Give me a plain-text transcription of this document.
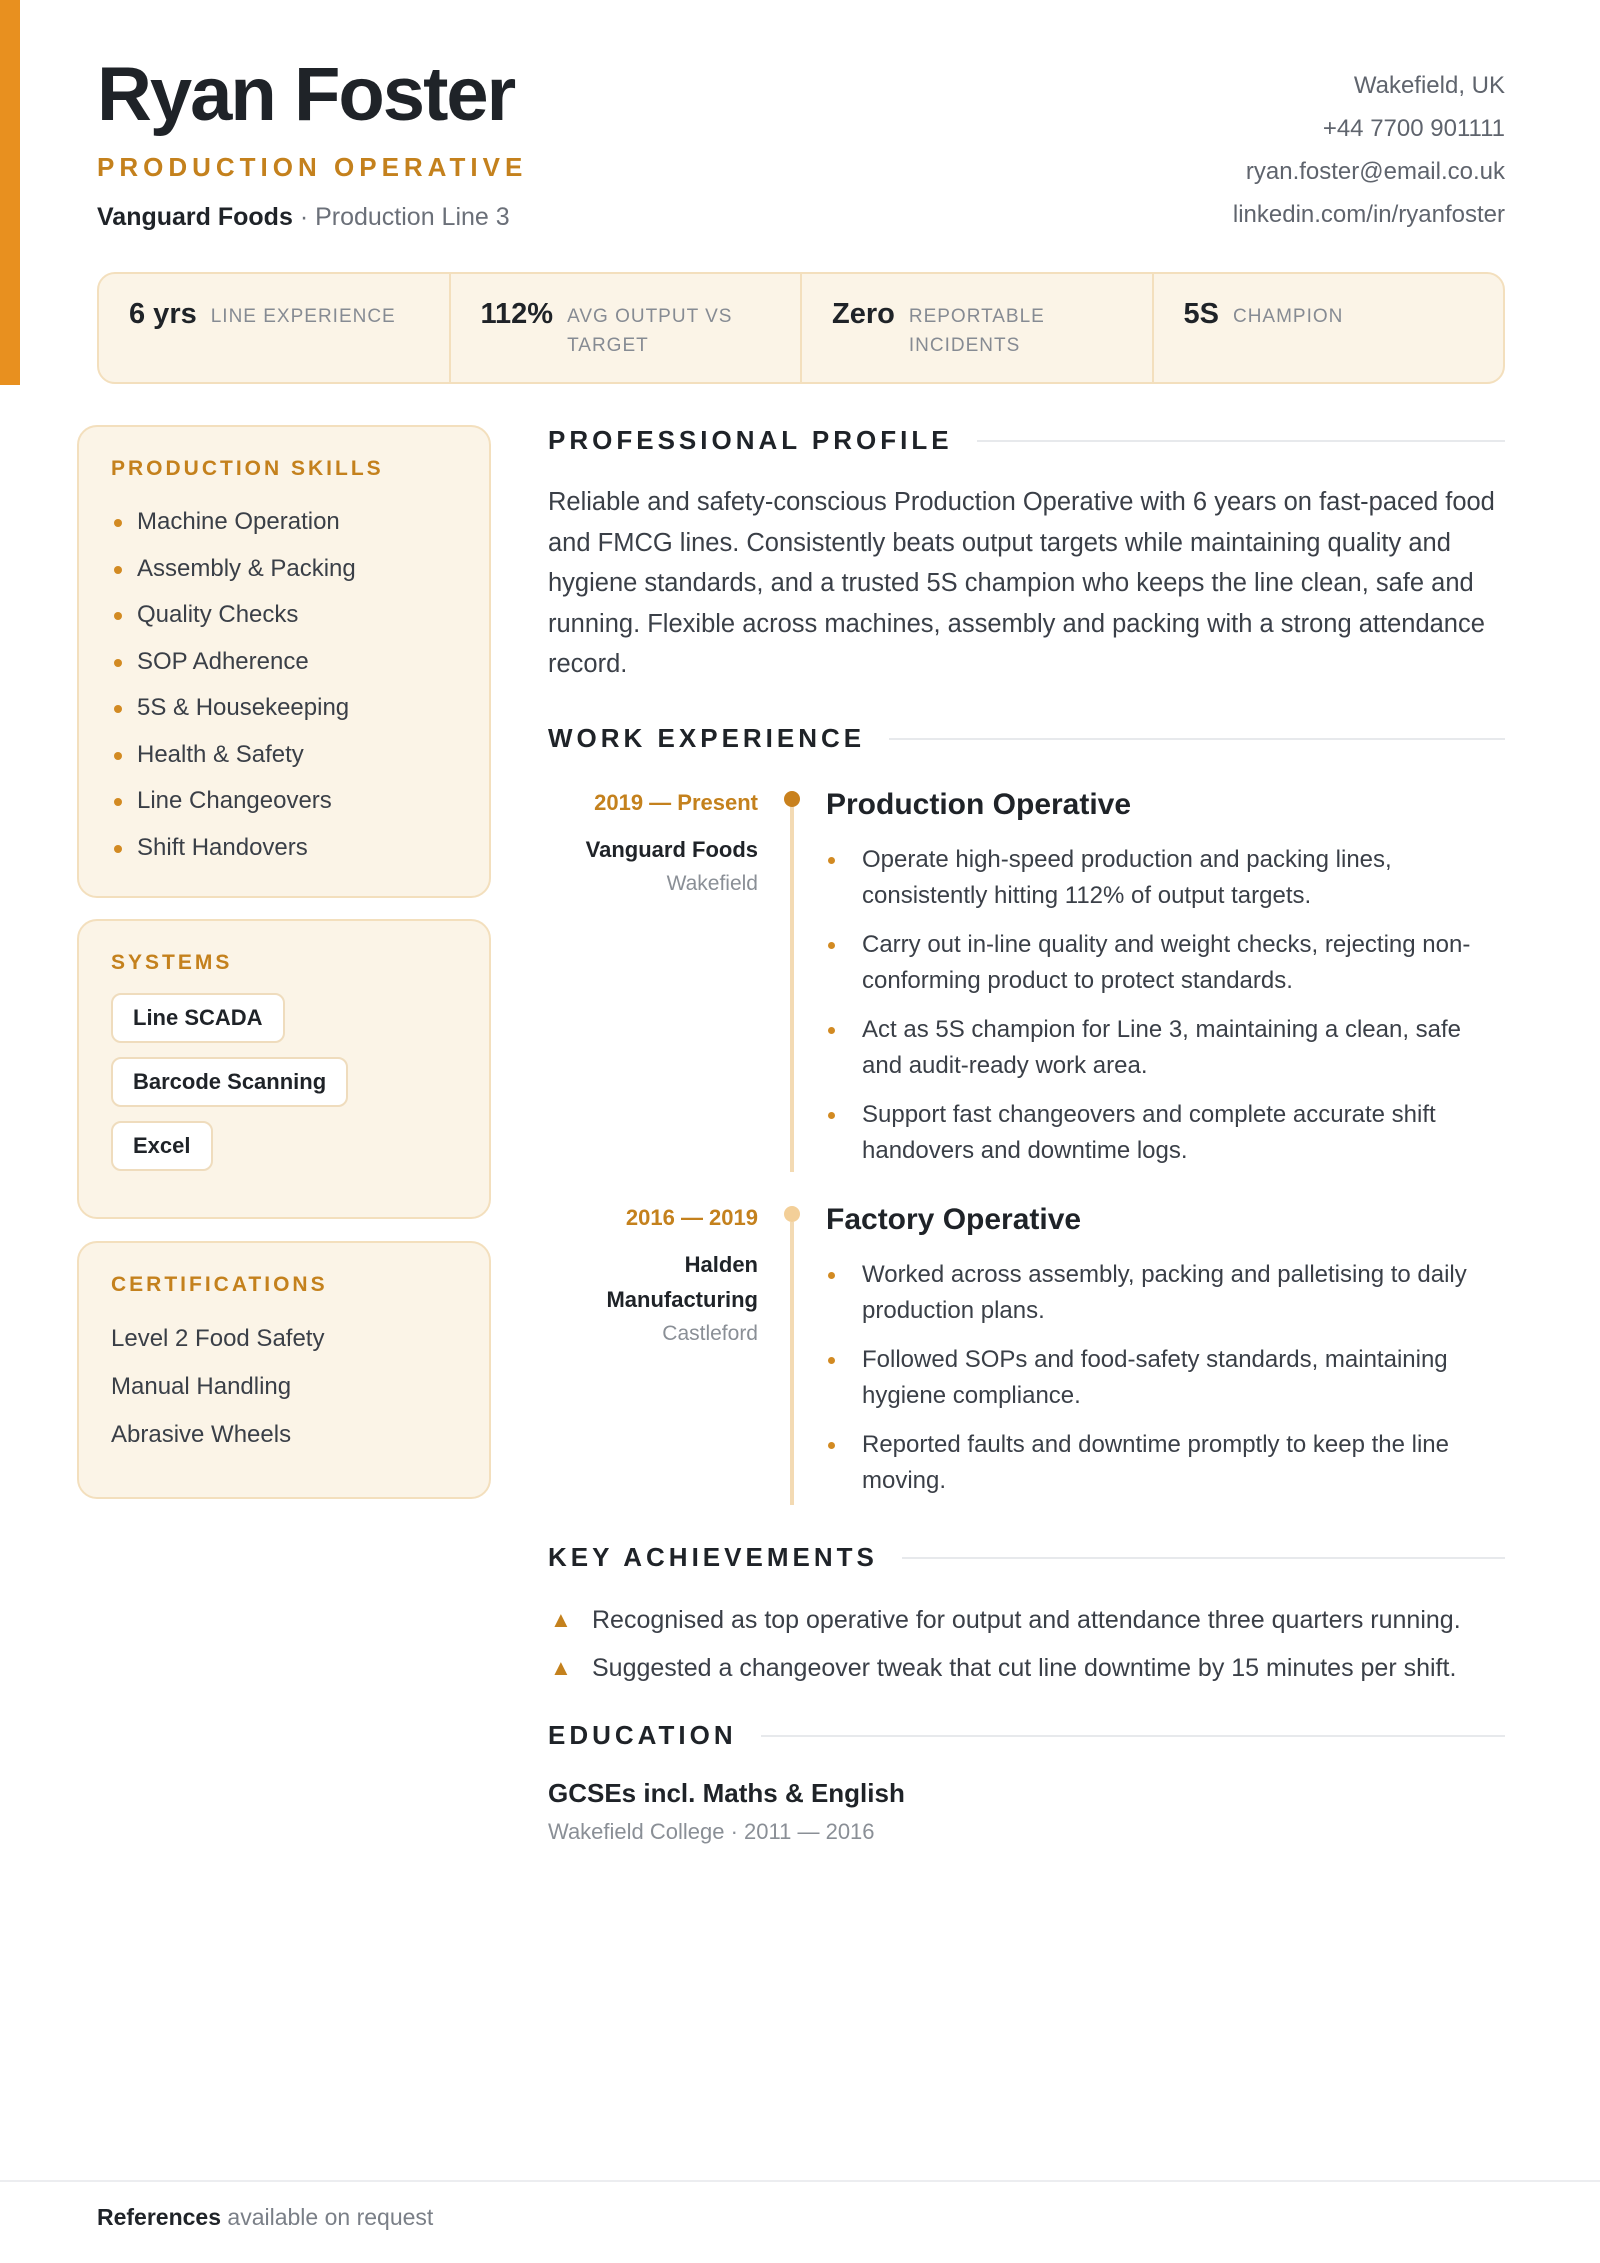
Ryan Foster
PRODUCTION OPERATIVE
Vanguard Foods · Production Line 3
Wakefield, UK
+44 7700 901111
ryan.foster@email.co.uk
linkedin.com/in/ryanfoster
6 yrs LINE EXPERIENCE	112% AVG OUTPUT VS TARGET
Zero REPORTABLE INCIDENTS
5S CHAMPION
PRODUCTION SKILLS
Machine Operation
Assembly & Packing
Quality Checks
SOP Adherence
5S & Housekeeping
Health & Safety
Line Changeovers
Shift Handovers
SYSTEMS
Line SCADA
Barcode Scanning
Excel
CERTIFICATIONS
Level 2 Food Safety
Manual Handling
Abrasive Wheels
PROFESSIONAL PROFILE
Reliable and safety-conscious Production Operative with 6 years on fast-paced food and FMCG lines. Consistently beats output targets while maintaining quality and hygiene standards, and a trusted 5S champion who keeps the line clean, safe and running. Flexible across machines, assembly and packing with a strong attendance record.
WORK EXPERIENCE
2019 — Present
Vanguard Foods
Wakefield
Production Operative
Operate high-speed production and packing lines, consistently hitting 112% of output targets.
Carry out in-line quality and weight checks, rejecting non-conforming product to protect standards.
Act as 5S champion for Line 3, maintaining a clean, safe and audit-ready work area.
Support fast changeovers and complete accurate shift handovers and downtime logs.
2016 — 2019
Halden Manufacturing
Castleford
Factory Operative
Worked across assembly, packing and palletising to daily production plans.
Followed SOPs and food-safety standards, maintaining hygiene compliance.
Reported faults and downtime promptly to keep the line moving.
KEY ACHIEVEMENTS
▲ Recognised as top operative for output and attendance three quarters running.
▲ Suggested a changeover tweak that cut line downtime by 15 minutes per shift.
EDUCATION
GCSEs incl. Maths & English
Wakefield College · 2011 — 2016
References available on request
